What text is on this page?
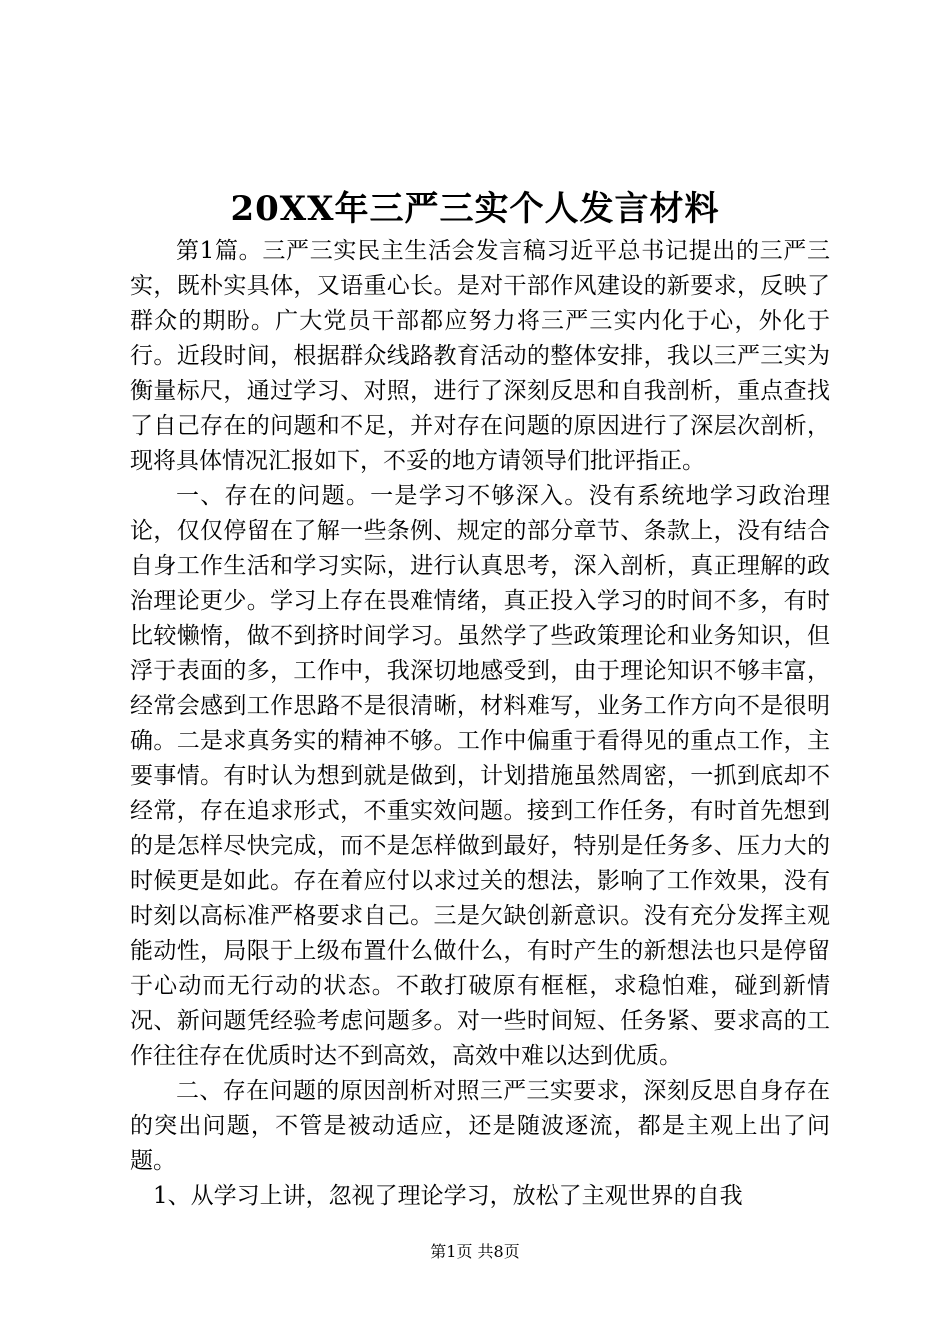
20XX年三严三实个人发言材料

第1篇。三严三实民主生活会发言稿习近平总书记提出的三严三实，既朴实具体，又语重心长。是对干部作风建设的新要求，反映了群众的期盼。广大党员干部都应努力将三严三实内化于心，外化于行。近段时间，根据群众线路教育活动的整体安排，我以三严三实为衡量标尺，通过学习、对照，进行了深刻反思和自我剖析，重点查找了自己存在的问题和不足，并对存在问题的原因进行了深层次剖析，现将具体情况汇报如下，不妥的地方请领导们批评指正。

一、存在的问题。一是学习不够深入。没有系统地学习政治理论，仅仅停留在了解一些条例、规定的部分章节、条款上，没有结合自身工作生活和学习实际，进行认真思考，深入剖析，真正理解的政治理论更少。学习上存在畏难情绪，真正投入学习的时间不多，有时比较懒惰，做不到挤时间学习。虽然学了些政策理论和业务知识，但浮于表面的多，工作中，我深切地感受到，由于理论知识不够丰富，经常会感到工作思路不是很清晰，材料难写，业务工作方向不是很明确。二是求真务实的精神不够。工作中偏重于看得见的重点工作，主要事情。有时认为想到就是做到，计划措施虽然周密，一抓到底却不经常，存在追求形式，不重实效问题。接到工作任务，有时首先想到的是怎样尽快完成，而不是怎样做到最好，特别是任务多、压力大的时候更是如此。存在着应付以求过关的想法，影响了工作效果，没有时刻以高标准严格要求自己。三是欠缺创新意识。没有充分发挥主观能动性，局限于上级布置什么做什么，有时产生的新想法也只是停留于心动而无行动的状态。不敢打破原有框框，求稳怕难，碰到新情况、新问题凭经验考虑问题多。对一些时间短、任务紧、要求高的工作往往存在优质时达不到高效，高效中难以达到优质。

二、存在问题的原因剖析对照三严三实要求，深刻反思自身存在的突出问题，不管是被动适应，还是随波逐流，都是主观上出了问题。

1、从学习上讲，忽视了理论学习，放松了主观世界的自我

第1页 共8页
